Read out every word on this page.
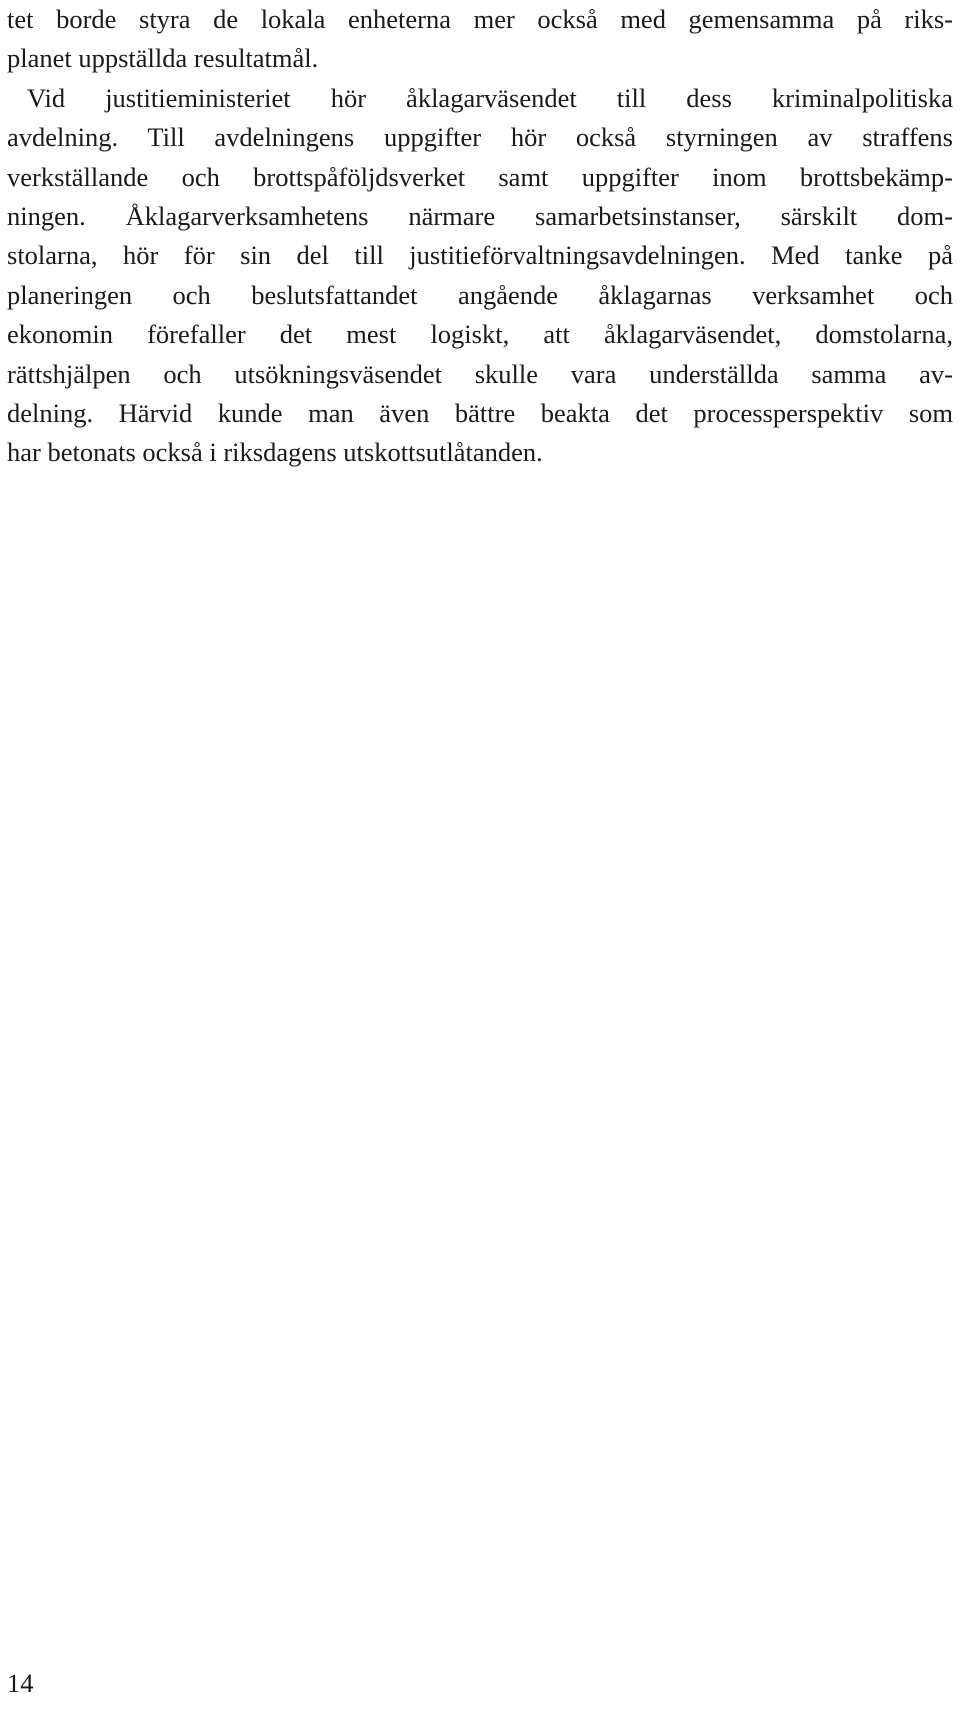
tet borde styra de lokala enheterna mer också med gemensamma på riks-
planet uppställda resultatmål.
Vid justitieministeriet hör åklagarväsendet till dess kriminalpolitiska
avdelning. Till avdelningens uppgifter hör också styrningen av straffens
verkställande och brottspåföljdsverket samt uppgifter inom brottsbekämp-
ningen. Åklagarverksamhetens närmare samarbetsinstanser, särskilt dom-
stolarna, hör för sin del till justitieförvaltningsavdelningen. Med tanke på
planeringen och beslutsfattandet angående åklagarnas verksamhet och
ekonomin förefaller det mest logiskt, att åklagarväsendet, domstolarna,
rättshjälpen och utsökningsväsendet skulle vara underställda samma av-
delning. Härvid kunde man även bättre beakta det processperspektiv som
har betonats också i riksdagens utskottsutlåtanden.

14
